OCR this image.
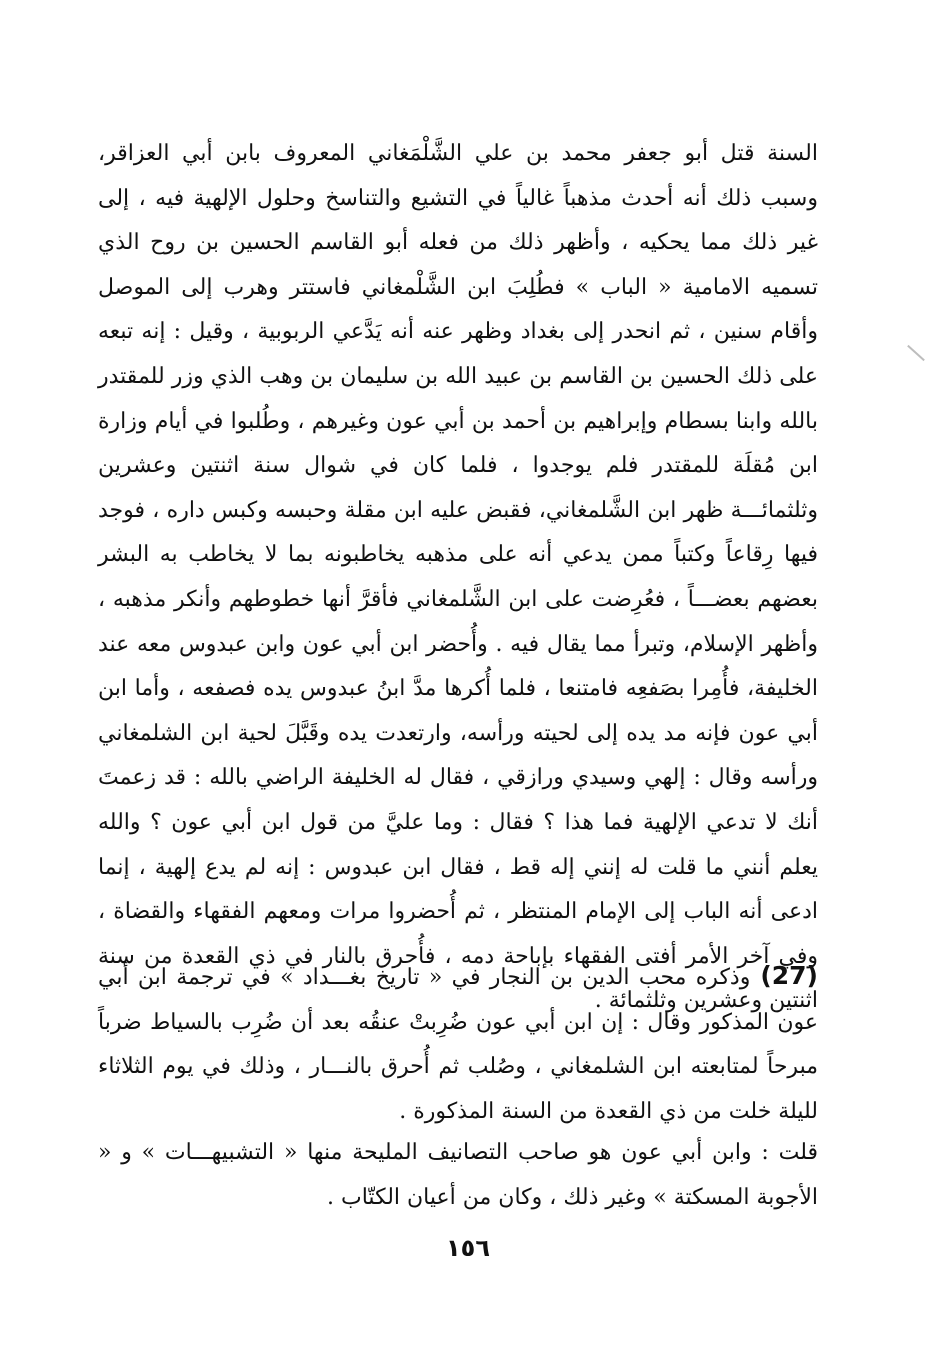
السنة قتل أبو جعفر محمد بن علي الشَّلْمَغاني المعروف بابن أبي العزاقر، وسبب ذلك أنه أحدث مذهباً غالياً في التشيع والتناسخ وحلول الإلهية فيه ، إلى غير ذلك مما يحكيه ، وأظهر ذلك من فعله أبو القاسم الحسين بن روح الذي تسميه الامامية « الباب » فطُلِبَ ابن الشَّلْمغاني فاستتر وهرب إلى الموصل وأقام سنين ، ثم انحدر إلى بغداد وظهر عنه أنه يَدَّعي الربوبية ، وقيل : إنه تبعه على ذلك الحسين بن القاسم بن عبيد الله بن سليمان بن وهب الذي وزر للمقتدر بالله وابنا بسطام وإبراهيم بن أحمد بن أبي عون وغيرهم ، وطُلبوا في أيام وزارة ابن مُقلَة للمقتدر فلم يوجدوا ، فلما كان في شوال سنة اثنتين وعشرين وثلثمائـــة ظهر ابن الشَّلمغاني، فقبض عليه ابن مقلة وحبسه وكبس داره ، فوجد فيها رِقاعاً وكتباً ممن يدعي أنه على مذهبه يخاطبونه بما لا يخاطب به البشر بعضهم بعضـــاً ، فعُرِضت على ابن الشَّلمغاني فأقرَّ أنها خطوطهم وأنكر مذهبه ، وأظهر الإسلام، وتبرأ مما يقال فيه . وأُحضر ابن أبي عون وابن عبدوس معه عند الخليفة، فأُمِرا بصَفعِه فامتنعا ، فلما أُكرها مدَّ ابنُ عبدوس يده فصفعه ، وأما ابن أبي عون فإنه مد يده إلى لحيته ورأسه، وارتعدت يده وقَبَّلَ لحية ابن الشلمغاني ورأسه وقال : إلهي وسيدي ورازقي ، فقال له الخليفة الراضي بالله : قد زعمتَ أنك لا تدعي الإلهية فما هذا ؟ فقال : وما عليَّ من قول ابن أبي عون ؟ والله يعلم أنني ما قلت له إنني إله قط ، فقال ابن عبدوس : إنه لم يدع إلهية ، إنما ادعى أنه الباب إلى الإمام المنتظر ، ثم أُحضروا مرات ومعهم الفقهاء والقضاة ، وفي آخر الأمر أفتى الفقهاء بإباحة دمه ، فأُحرق بالنار في ذي القعدة من سنة اثنتين وعشرين وثلثمائة .

(27)وذكره محب الدين بن النجار في « تاريخ بغـــداد » في ترجمة ابن أبي عون المذكور وقال : إن ابن أبي عون ضُرِبتْ عنقُه بعد أن ضُرِب بالسياط ضرباً مبرحاً لمتابعته ابن الشلمغاني ، وصُلب ثم أُحرق بالنـــار ، وذلك في يوم الثلاثاء لليلة خلت من ذي القعدة من السنة المذكورة .

قلت : وابن أبي عون هو صاحب التصانيف المليحة منها « التشبيهـــات » و « الأجوبة المسكتة » وغير ذلك ، وكان من أعيان الكتّاب .

١٥٦
